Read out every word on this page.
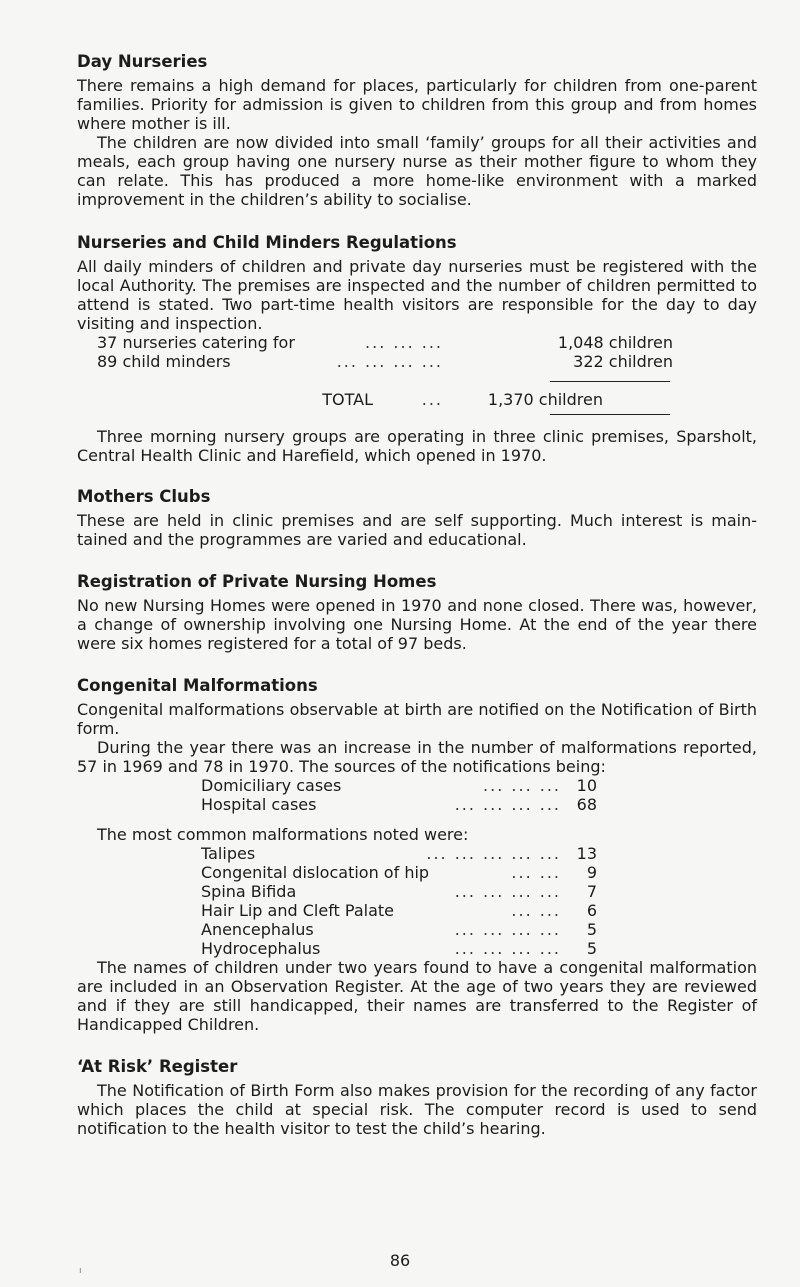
Day Nurseries

There remains a high demand for places, particularly for children from one-parent families. Priority for admission is given to children from this group and from homes where mother is ill.

The children are now divided into small ‘family’ groups for all their activities and meals, each group having one nursery nurse as their mother figure to whom they can relate. This has produced a more home-like environment with a marked improvement in the children’s ability to socialise.

Nurseries and Child Minders Regulations

All daily minders of children and private day nurseries must be registered with the local Authority. The premises are inspected and the number of children permitted to attend is stated. Two part-time health visitors are responsible for the day to day visiting and inspection.

37 nurseries catering for	... ... ...	1,048 children
89 child minders	... ... ... ...	322 children
TOTAL	...	1,370 children

Three morning nursery groups are operating in three clinic premises, Sparsholt, Central Health Clinic and Harefield, which opened in 1970.

Mothers Clubs

These are held in clinic premises and are self supporting. Much interest is maintained and the programmes are varied and educational.

Registration of Private Nursing Homes

No new Nursing Homes were opened in 1970 and none closed. There was, however, a change of ownership involving one Nursing Home. At the end of the year there were six homes registered for a total of 97 beds.

Congenital Malformations

Congenital malformations observable at birth are notified on the Notification of Birth form.

During the year there was an increase in the number of malformations reported, 57 in 1969 and 78 in 1970. The sources of the notifications being:

Domiciliary cases	... ... ... 10
Hospital cases	... ... ... ... 68

The most common malformations noted were:

Talipes	... ... ... ... ... 13
Congenital dislocation of hip	... ...	9
Spina Bifida	... ... ... ...	7
Hair Lip and Cleft Palate	... ...	6
Anencephalus	... ... ... ...	5
Hydrocephalus	... ... ... ...	5

The names of children under two years found to have a congenital malformation are included in an Observation Register. At the age of two years they are reviewed and if they are still handicapped, their names are transferred to the Register of Handicapped Children.

‘At Risk’ Register

The Notification of Birth Form also makes provision for the recording of any factor which places the child at special risk. The computer record is used to send notification to the health visitor to test the child’s hearing.

86
ı
